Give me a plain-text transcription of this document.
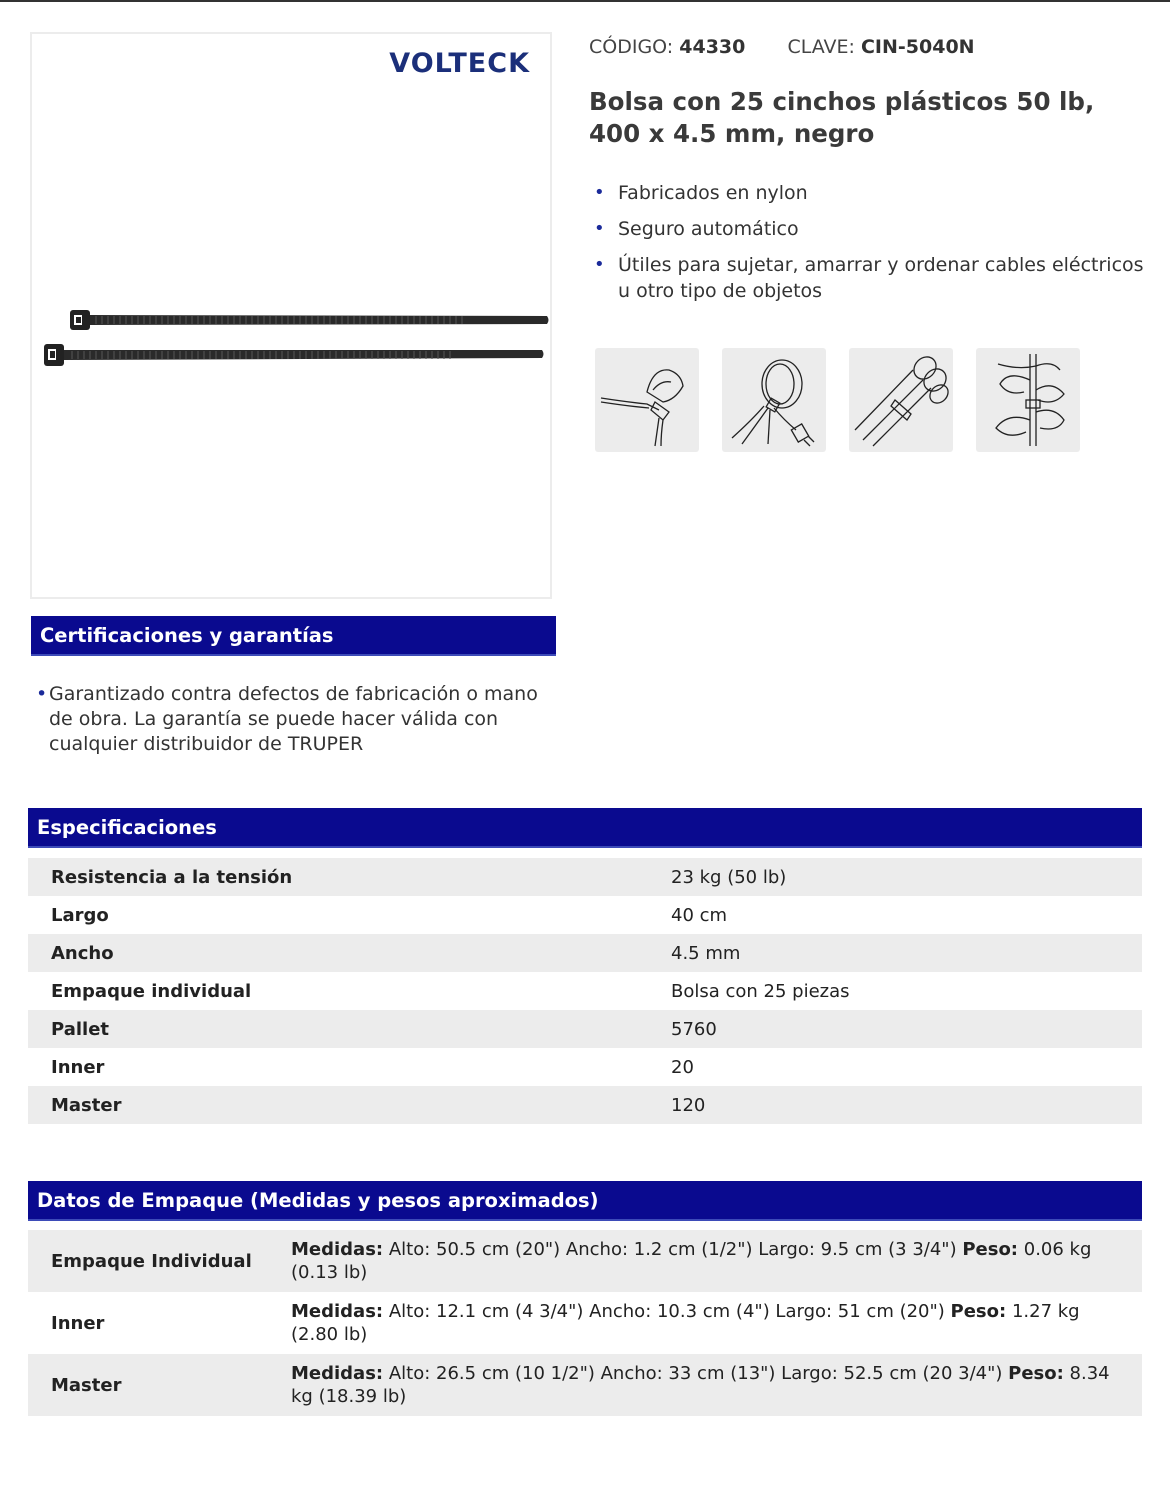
VOLTECK
CÓDIGO: 44330 CLAVE: CIN-5040N
Bolsa con 25 cinchos plásticos 50 lb,
400 x 4.5 mm, negro
• Fabricados en nylon
• Seguro automático
• Útiles para sujetar, amarrar y ordenar cables eléctricos u otro tipo de objetos
Certificaciones y garantías
• Garantizado contra defectos de fabricación o mano de obra. La garantía se puede hacer válida con cualquier distribuidor de TRUPER
Especificaciones
Resistencia a la tensión	23 kg (50 lb)
Largo	40 cm
Ancho	4.5 mm
Empaque individual	Bolsa con 25 piezas
Pallet	5760
Inner	20
Master	120
Datos de Empaque (Medidas y pesos aproximados)
Empaque Individual	Medidas: Alto: 50.5 cm (20") Ancho: 1.2 cm (1/2") Largo: 9.5 cm (3 3/4") Peso: 0.06 kg (0.13 lb)
Inner	Medidas: Alto: 12.1 cm (4 3/4") Ancho: 10.3 cm (4") Largo: 51 cm (20") Peso: 1.27 kg (2.80 lb)
Master	Medidas: Alto: 26.5 cm (10 1/2") Ancho: 33 cm (13") Largo: 52.5 cm (20 3/4") Peso: 8.34 kg (18.39 lb)
